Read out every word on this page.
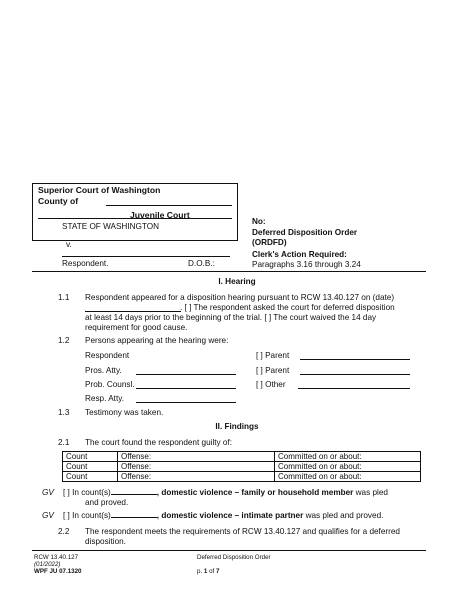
Superior Court of Washington
County of
Juvenile Court
STATE OF WASHINGTON
v.
Respondent.	D.O.B.:
No:
Deferred Disposition Order
(ORDFD)
Clerk's Action Required:
Paragraphs 3.16 through 3.24
I. Hearing
1.1 Respondent appeared for a disposition hearing pursuant to RCW 13.40.127 on (date)
. [ ] The respondent asked the court for deferred disposition
at least 14 days prior to the beginning of the trial. [ ] The court waived the 14 day
requirement for good cause.
1.2 Persons appearing at the hearing were:
Respondent
Pros. Atty.
Prob. Counsl.
Resp. Atty.
[ ] Parent
[ ] Parent
[ ] Other
1.3 Testimony was taken.
II. Findings
2.1 The court found the respondent guilty of:
Count	Offense:	Committed on or about:
Count	Offense:	Committed on or about:
Count	Offense:	Committed on or about:
GV [ ] In count(s)	, domestic violence – family or household member was pled
and proved.
GV [ ] In count(s)	, domestic violence – intimate partner was pled and proved.
2.2 The respondent meets the requirements of RCW 13.40.127 and qualifies for a deferred
disposition.
RCW 13.40.127
(01/2022)
WPF JU 07.1320
Deferred Disposition Order
p. 1 of 7
